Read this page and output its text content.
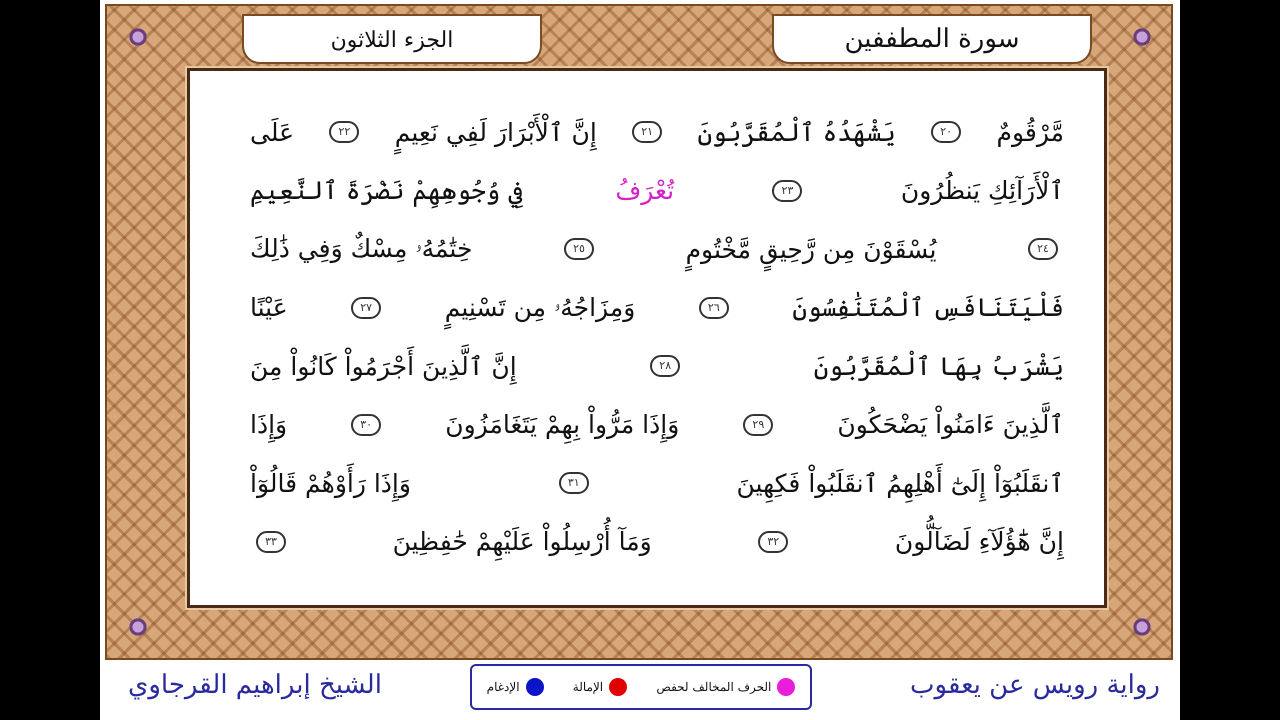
الجزء الثلاثون	سورة المطففين
مَّرْقُومٌ
٢٠
يَشْهَدُهُ ٱلْمُقَرَّبُونَ
٢١
إِنَّ ٱلْأَبْرَارَ لَفِي نَعِيمٍ
٢٢
عَلَى
ٱلْأَرَآئِكِ يَنظُرُونَ
٢٣
تُعْرَفُ
فِي وُجُوهِهِمْ نَضْرَةَ ٱلنَّعِيمِ
٢٤
يُسْقَوْنَ مِن رَّحِيقٍ مَّخْتُومٍ
٢٥
خِتَٰمُهُۥ مِسْكٌ وَفِي ذَٰلِكَ
فَلْيَتَنَافَسِ ٱلْمُتَنَٰفِسُونَ
٢٦
وَمِزَاجُهُۥ مِن تَسْنِيمٍ
٢٧
عَيْنًا
يَشْرَبُ بِهَا ٱلْمُقَرَّبُونَ
٢٨
إِنَّ ٱلَّذِينَ أَجْرَمُواْ كَانُواْ مِنَ
ٱلَّذِينَ ءَامَنُواْ يَضْحَكُونَ
٢٩
وَإِذَا مَرُّواْ بِهِمْ يَتَغَامَزُونَ
٣٠
وَإِذَا
ٱنقَلَبُوٓاْ إِلَىٰٓ أَهْلِهِمُ ٱنقَلَبُواْ فَكِهِينَ
٣١
وَإِذَا رَأَوْهُمْ قَالُوٓاْ
إِنَّ هَٰٓؤُلَآءِ لَضَآلُّونَ
٣٢
وَمَآ أُرْسِلُواْ عَلَيْهِمْ حَٰفِظِينَ
٣٣
الشيخ إبراهيم القرجاوي	الحرف المخالف لحفص
الإمالة
الإدغام	رواية رويس عن يعقوب
